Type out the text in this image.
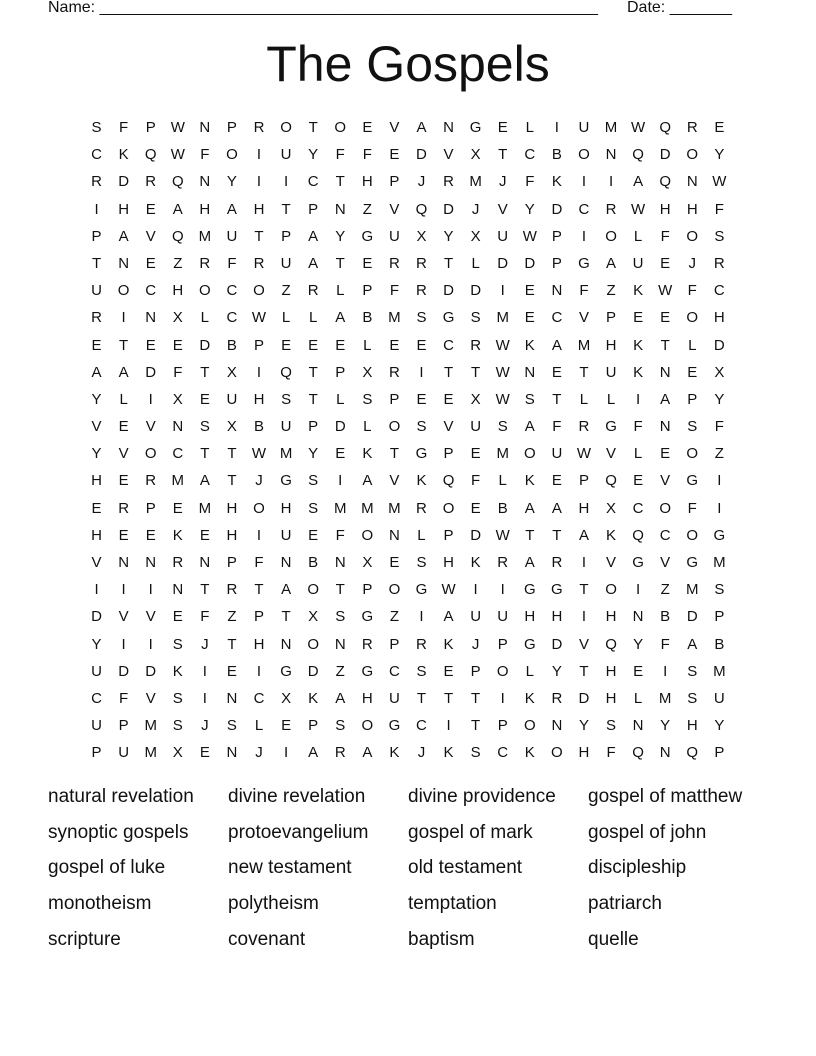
Name: ________________________________________________________ Date: _______
The Gospels
S	F	P W N	P	R	O	T	O	E	V	A	N	G	E	L	I	U	M W Q	R	E
C	K	Q W	F	O	I	U	Y	F	F	E	D	V	X	T	C	B	O	N	Q	D	O	Y
R	D	R	Q	N	Y	I	I	C	T	H	P	J	R	M	J	F	K	I	I	A	Q	N W
I	H	E	A	H	A	H	T	P	N	Z	V	Q	D	J	V	Y	D	C	R W H	H	F
P	A	V	Q M	U	T	P	A	Y	G	U	X	Y	X	U W P	I	O	L	F	O	S
T	N	E	Z	R	F	R	U	A	T	E	R	R	T	L	D	D	P	G	A	U	E	J	R
U	O	C	H	O	C	O	Z	R	L	P	F	R	D	D	I	E	N	F	Z	K W	F	C
R	I	N	X	L	C W	L	L	A	B	M	S	G	S	M	E	C	V	P	E	E	O	H
E	T	E	E	D	B	P	E	E	E	L	E	E	C	R W K	A	M	H	K	T	L	D
A	A	D	F	T	X	I	Q	T	P	X	R	I	T	T	W N	E	T	U	K	N	E	X
Y	L	I	X	E	U	H	S	T	L	S	P	E	E	X W S	T	L	L	I	A	P	Y
V	E	V	N	S	X	B	U	P	D	L	O	S	V	U	S	A	F	R	G	F	N	S	F
Y	V	O	C	T	T	W M	Y	E	K	T	G	P	E	M	O	U W V	L	E	O	Z
H	E	R	M	A	T	J	G	S	I	A	V	K	Q	F	L	K	E	P	Q	E	V	G	I
E	R	P	E	M	H	O	H	S	M M M	R	O	E	B	A	A	H	X	C	O	F	I
H	E	E	K	E	H	I	U	E	F	O	N	L	P	D W	T	T	A	K	Q	C	O	G
V	N	N	R	N	P	F	N	B	N	X	E	S	H	K	R	A	R	I	V	G	V	G M
I	I	I	N	T	R	T	A	O	T	P	O	G W	I	I	G	G	T	O	I	Z	M	S
D	V	V	E	F	Z	P	T	X	S	G	Z	I	A	U	U	H	H	I	H	N	B	D	P
Y	I	I	S	J	T	H	N	O	N	R	P	R	K	J	P	G	D	V	Q	Y	F	A	B
U	D	D	K	I	E	I	G	D	Z	G	C	S	E	P	O	L	Y	T	H	E	I	S	M
C	F	V	S	I	N	C	X	K	A	H	U	T	T	T	I	K	R	D	H	L	M	S	U
U	P	M	S	J	S	L	E	P	S	O	G	C	I	T	P	O	N	Y	S	N	Y	H	Y
P	U	M	X	E	N	J	I	A	R	A	K	J	K	S	C	K	O	H	F	Q	N	Q	P
natural revelation	divine revelation	divine providence	gospel of matthew
synoptic gospels	protoevangelium	gospel of mark	gospel of john
gospel of luke	new testament	old testament	discipleship
monotheism	polytheism	temptation	patriarch
scripture	covenant	baptism	quelle
